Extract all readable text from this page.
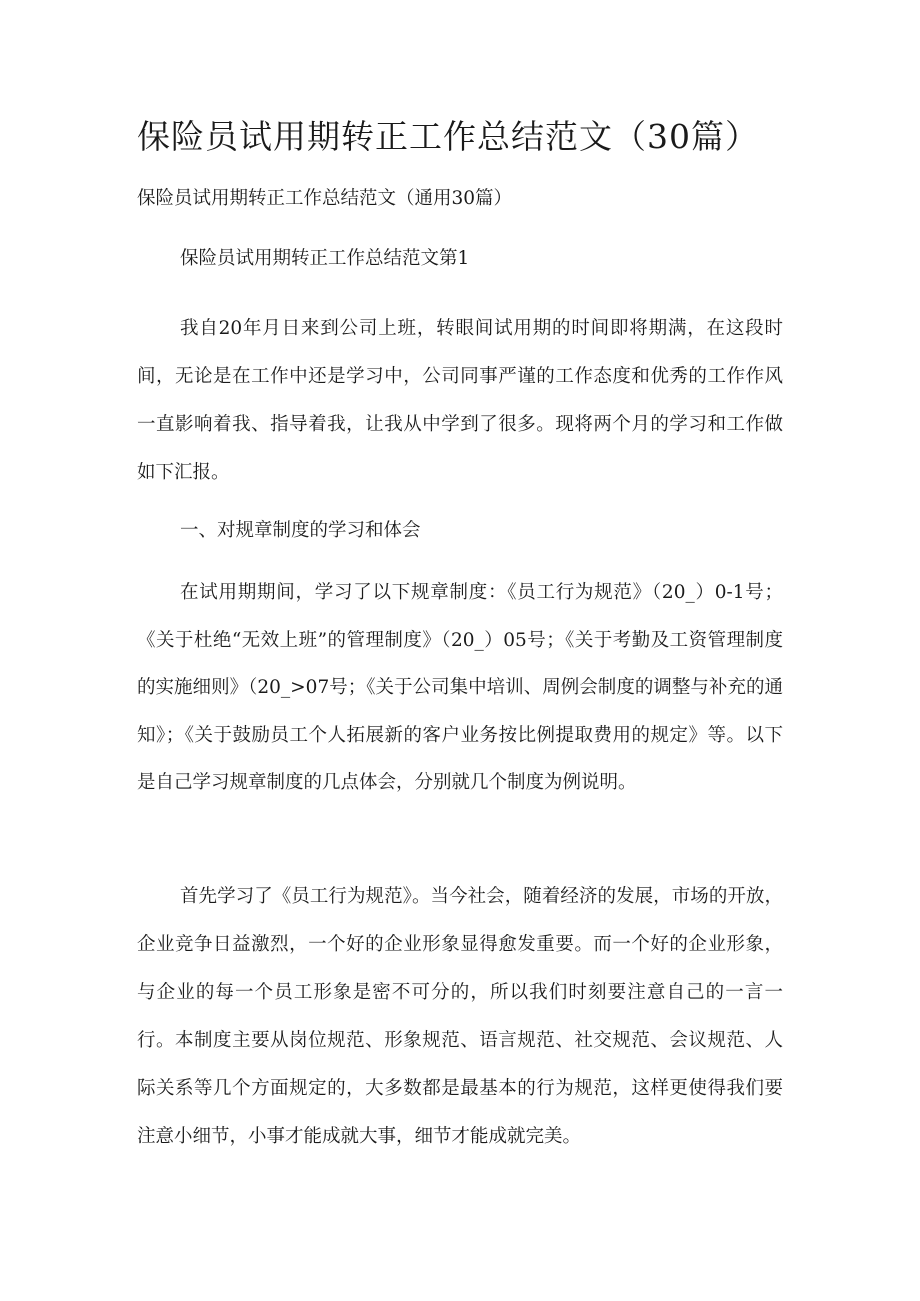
保险员试用期转正工作总结范文（30篇）

保险员试用期转正工作总结范文（通用30篇）

保险员试用期转正工作总结范文第1

我自20年月日来到公司上班，转眼间试用期的时间即将期满，在这段时间，无论是在工作中还是学习中，公司同事严谨的工作态度和优秀的工作作风一直影响着我、指导着我，让我从中学到了很多。现将两个月的学习和工作做如下汇报。

一、对规章制度的学习和体会

在试用期期间，学习了以下规章制度：《员工行为规范》（20_）0-1号；《关于杜绝“无效上班”的管理制度》（20_）05号；《关于考勤及工资管理制度的实施细则》（20_>07号；《关于公司集中培训、周例会制度的调整与补充的通知》；《关于鼓励员工个人拓展新的客户业务按比例提取费用的规定》等。以下是自己学习规章制度的几点体会，分别就几个制度为例说明。

首先学习了《员工行为规范》。当今社会，随着经济的发展，市场的开放，企业竞争日益激烈，一个好的企业形象显得愈发重要。而一个好的企业形象，与企业的每一个员工形象是密不可分的，所以我们时刻要注意自己的一言一行。本制度主要从岗位规范、形象规范、语言规范、社交规范、会议规范、人际关系等几个方面规定的，大多数都是最基本的行为规范，这样更使得我们要注意小细节，小事才能成就大事，细节才能成就完美。
